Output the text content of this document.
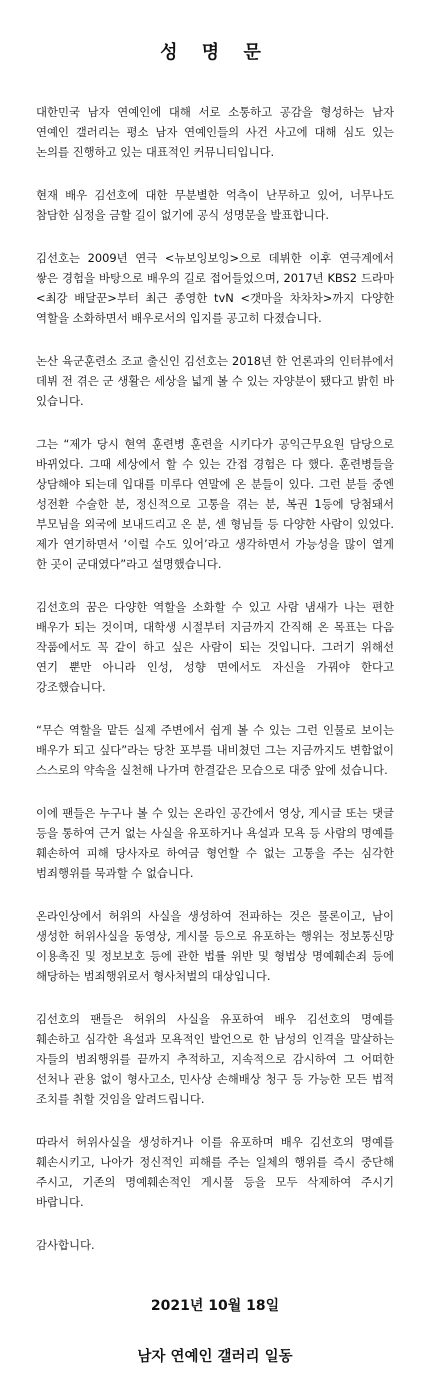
성 명 문

대한민국 남자 연예인에 대해 서로 소통하고 공감을 형성하는 남자 연예인 갤러리는 평소 남자 연예인들의 사건 사고에 대해 심도 있는 논의를 진행하고 있는 대표적인 커뮤니티입니다.

현재 배우 김선호에 대한 무분별한 억측이 난무하고 있어, 너무나도 참담한 심정을 금할 길이 없기에 공식 성명문을 발표합니다.

김선호는 2009년 연극 <뉴보잉보잉>으로 데뷔한 이후 연극계에서 쌓은 경험을 바탕으로 배우의 길로 접어들었으며, 2017년 KBS2 드라마 <최강 배달꾼>부터 최근 종영한 tvN <갯마을 차차차>까지 다양한 역할을 소화하면서 배우로서의 입지를 공고히 다졌습니다.

논산 육군훈련소 조교 출신인 김선호는 2018년 한 언론과의 인터뷰에서 데뷔 전 겪은 군 생활은 세상을 넓게 볼 수 있는 자양분이 됐다고 밝힌 바 있습니다.

그는 “제가 당시 현역 훈련병 훈련을 시키다가 공익근무요원 담당으로 바뀌었다. 그때 세상에서 할 수 있는 간접 경험은 다 했다. 훈련병들을 상담해야 되는데 입대를 미루다 연말에 온 분들이 있다. 그런 분들 중엔 성전환 수술한 분, 정신적으로 고통을 겪는 분, 복권 1등에 당첨돼서 부모님을 외국에 보내드리고 온 분, 센 형님들 등 다양한 사람이 있었다. 제가 연기하면서 ‘이럴 수도 있어’라고 생각하면서 가능성을 많이 열게 한 곳이 군대였다”라고 설명했습니다.

김선호의 꿈은 다양한 역할을 소화할 수 있고 사람 냄새가 나는 편한 배우가 되는 것이며, 대학생 시절부터 지금까지 간직해 온 목표는 다음 작품에서도 꼭 같이 하고 싶은 사람이 되는 것입니다. 그러기 위해선 연기 뿐만 아니라 인성, 성향 면에서도 자신을 가꿔야 한다고 강조했습니다.

“무슨 역할을 맡든 실제 주변에서 쉽게 볼 수 있는 그런 인물로 보이는 배우가 되고 싶다”라는 당찬 포부를 내비쳤던 그는 지금까지도 변함없이 스스로의 약속을 실천해 나가며 한결같은 모습으로 대중 앞에 섰습니다.

이에 팬들은 누구나 볼 수 있는 온라인 공간에서 영상, 게시글 또는 댓글 등을 통하여 근거 없는 사실을 유포하거나 욕설과 모욕 등 사람의 명예를 훼손하여 피해 당사자로 하여금 형언할 수 없는 고통을 주는 심각한 범죄행위를 묵과할 수 없습니다.

온라인상에서 허위의 사실을 생성하여 전파하는 것은 물론이고, 남이 생성한 허위사실을 동영상, 게시물 등으로 유포하는 행위는 정보통신망 이용촉진 및 정보보호 등에 관한 법률 위반 및 형법상 명예훼손죄 등에 해당하는 범죄행위로서 형사처벌의 대상입니다.

김선호의 팬들은 허위의 사실을 유포하여 배우 김선호의 명예를 훼손하고 심각한 욕설과 모욕적인 발언으로 한 남성의 인격을 말살하는 자들의 범죄행위를 끝까지 추적하고, 지속적으로 감시하여 그 어떠한 선처나 관용 없이 형사고소, 민사상 손해배상 청구 등 가능한 모든 법적 조치를 취할 것임을 알려드립니다.

따라서 허위사실을 생성하거나 이를 유포하며 배우 김선호의 명예를 훼손시키고, 나아가 정신적인 피해를 주는 일체의 행위를 즉시 중단해 주시고, 기존의 명예훼손적인 게시물 등을 모두 삭제하여 주시기 바랍니다.

감사합니다.

2021년 10월 18일
남자 연예인 갤러리 일동
